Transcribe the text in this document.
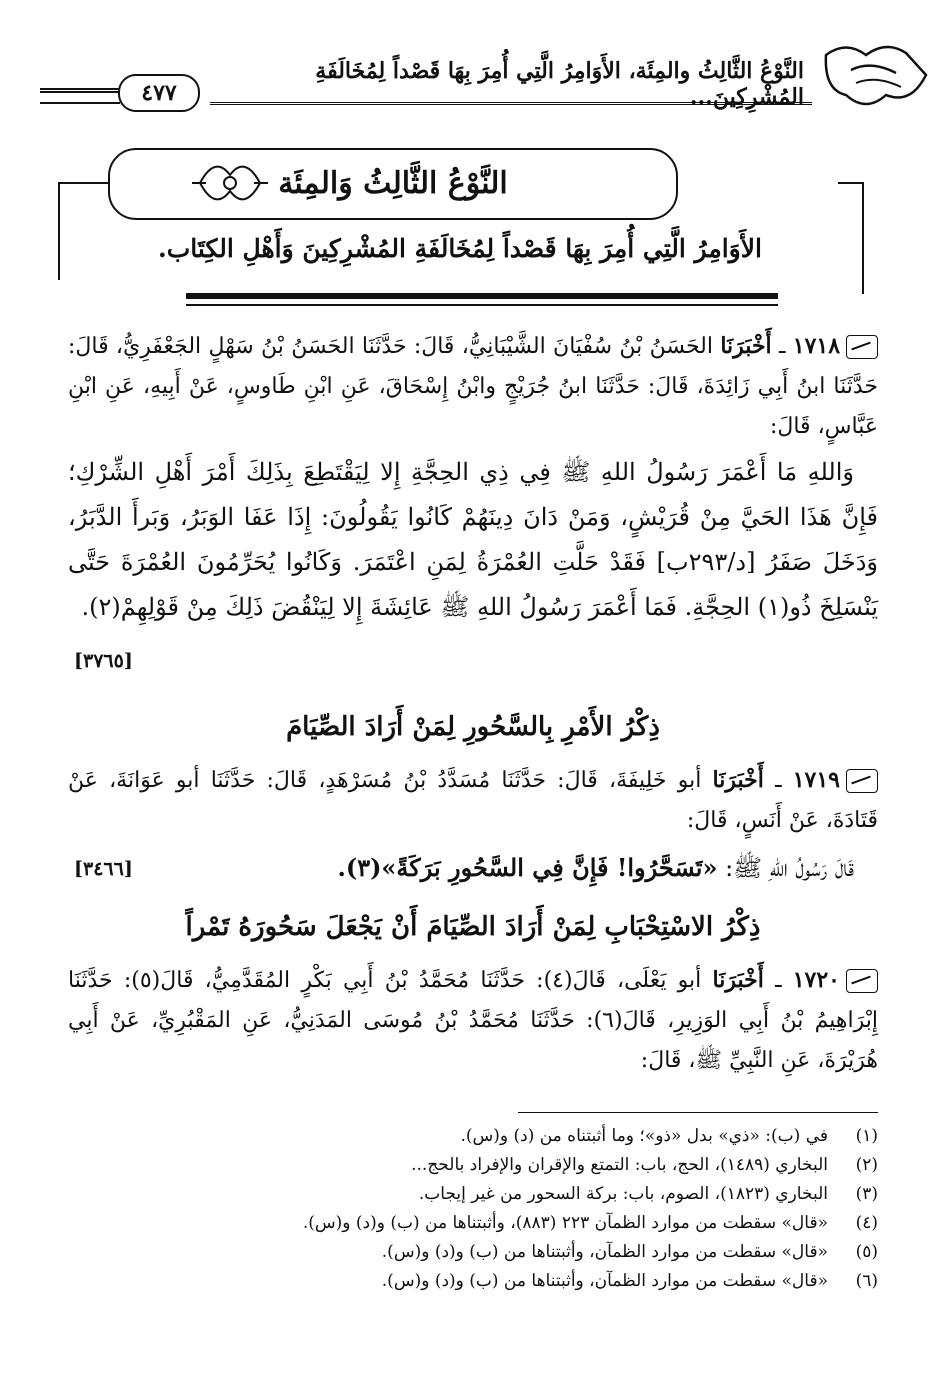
النَّوْعُ الثَّالِثُ والمِئَة، الأَوَامِرُ الَّتِي أُمِرَ بِهَا قَصْداً لِمُخَالَفَةِ المُشْرِكِينَ...
٤٧٧
النَّوْعُ الثَّالِثُ وَالمِئَة
الأَوَامِرُ الَّتِي أُمِرَ بِهَا قَصْداً لِمُخَالَفَةِ المُشْرِكِينَ وَأَهْلِ الكِتَاب.
١٧١٨ ـ أَخْبَرَنَا الحَسَنُ بْنُ سُفْيَانَ الشَّيْبَانِيُّ، قَالَ: حَدَّثَنَا الحَسَنُ بْنُ سَهْلٍ الجَعْفَرِيُّ، قَالَ: حَدَّثَنَا ابنُ أَبِي زَائِدَةَ، قَالَ: حَدَّثَنَا ابنُ جُرَيْجٍ وابْنُ إِسْحَاقَ، عَنِ ابْنِ طَاوسٍ، عَنْ أَبِيهِ، عَنِ ابْنِ عَبَّاسٍ، قَالَ:
وَاللهِ مَا أَعْمَرَ رَسُولُ اللهِ ﷺ فِي ذِي الحِجَّةِ إِلا لِيَقْتَطِعَ بِذَلِكَ أَمْرَ أَهْلِ الشِّرْكِ؛ فَإِنَّ هَذَا الحَيَّ مِنْ قُرَيْشٍ، وَمَنْ دَانَ دِينَهُمْ كَانُوا يَقُولُونَ: إِذَا عَفَا الوَبَرُ، وَبَرأَ الدَّبَرُ، وَدَخَلَ صَفَرُ [د/٢٩٣ب] فَقَدْ حَلَّتِ العُمْرَةُ لِمَنِ اعْتَمَرَ. وَكَانُوا يُحَرِّمُونَ العُمْرَةَ حَتَّى يَنْسَلِخَ ذُو(١) الحِجَّةِ. فَمَا أَعْمَرَ رَسُولُ اللهِ ﷺ عَائِشَةَ إِلا لِيَنْقُضَ ذَلِكَ مِنْ قَوْلِهِمْ(٢).
[٣٧٦٥]
ذِكْرُ الأَمْرِ بِالسَّحُورِ لِمَنْ أَرَادَ الصِّيَامَ
١٧١٩ ـ أَخْبَرَنَا أبو خَلِيفَةَ، قَالَ: حَدَّثَنَا مُسَدَّدُ بْنُ مُسَرْهَدٍ، قَالَ: حَدَّثَنَا أبو عَوَانَةَ، عَنْ قَتَادَةَ، عَنْ أَنَسٍ، قَالَ:
قَالَ رَسُولُ اللهِ ﷺ: «تَسَحَّرُوا! فَإِنَّ فِي السَّحُورِ بَرَكَةً»(٣).
[٣٤٦٦]
ذِكْرُ الاسْتِحْبَابِ لِمَنْ أَرَادَ الصِّيَامَ أَنْ يَجْعَلَ سَحُورَهُ تَمْراً
١٧٢٠ ـ أَخْبَرَنَا أبو يَعْلَى، قَالَ(٤): حَدَّثَنَا مُحَمَّدُ بْنُ أَبِي بَكْرٍ المُقَدَّمِيُّ، قَالَ(٥): حَدَّثَنَا إِبْرَاهِيمُ بْنُ أَبِي الوَزِيرِ، قَالَ(٦): حَدَّثَنَا مُحَمَّدُ بْنُ مُوسَى المَدَنِيُّ، عَنِ المَقْبُرِيِّ، عَنْ أَبِي هُرَيْرَةَ، عَنِ النَّبِيِّ ﷺ، قَالَ:
(١)
في (ب): «ذي» بدل «ذو»؛ وما أثبتناه من (د) و(س).
(٢)
البخاري (١٤٨٩)، الحج، باب: التمتع والإقران والإفراد بالحج...
(٣)
البخاري (١٨٢٣)، الصوم، باب: بركة السحور من غير إيجاب.
(٤)
«قال» سقطت من موارد الظمآن ٢٢٣ (٨٨٣)، وأثبتناها من (ب) و(د) و(س).
(٥)
«قال» سقطت من موارد الظمآن، وأثبتناها من (ب) و(د) و(س).
(٦)
«قال» سقطت من موارد الظمآن، وأثبتناها من (ب) و(د) و(س).
